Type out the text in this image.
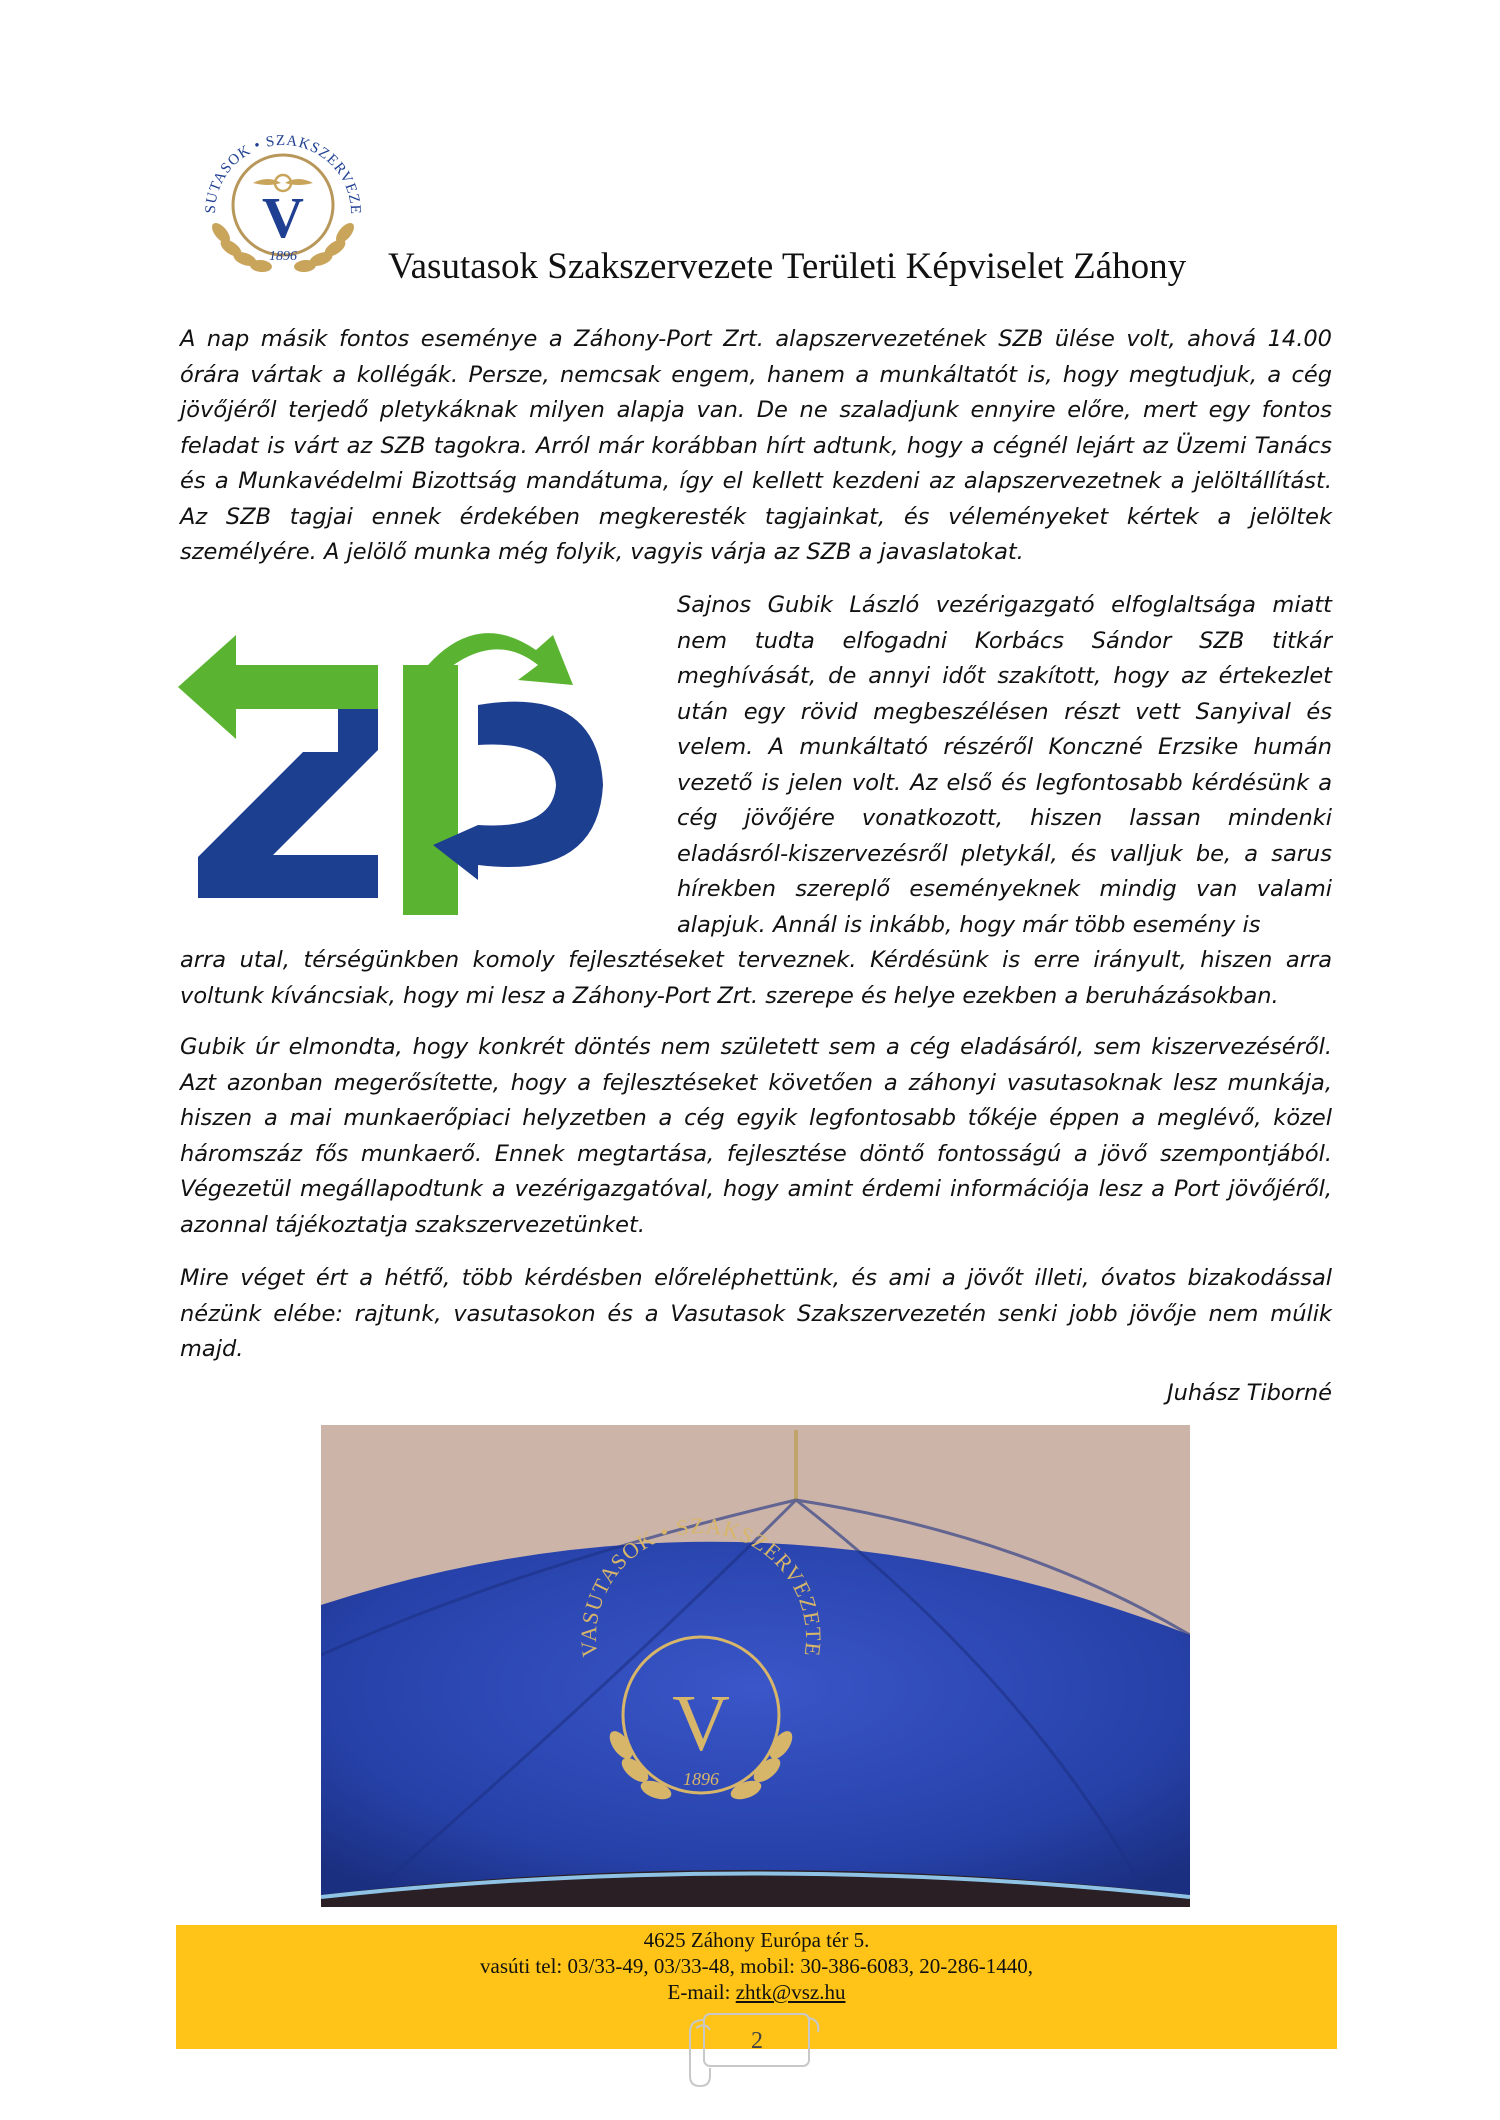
V
SUTASOK • SZAKSZERVEZE
1896 Vasutasok Szakszervezete Területi Képviselet Záhony

A nap másik fontos eseménye a Záhony-Port Zrt. alapszervezetének SZB ülése volt, ahová 14.00 órára vártak a kollégák. Persze, nemcsak engem, hanem a munkáltatót is, hogy megtudjuk, a cég jövőjéről terjedő pletykáknak milyen alapja van. De ne szaladjunk ennyire előre, mert egy fontos feladat is várt az SZB tagokra. Arról már korábban hírt adtunk, hogy a cégnél lejárt az Üzemi Tanács és a Munkavédelmi Bizottság mandátuma, így el kellett kezdeni az alapszervezetnek a jelöltállítást. Az SZB tagjai ennek érdekében megkeresték tagjainkat, és véleményeket kértek a jelöltek személyére. A jelölő munka még folyik, vagyis várja az SZB a javaslatokat.

Sajnos Gubik László vezérigazgató elfoglaltsága miatt nem tudta elfogadni Korbács Sándor SZB titkár meghívását, de annyi időt szakított, hogy az értekezlet után egy rövid megbeszélésen részt vett Sanyival és velem. A munkáltató részéről Konczné Erzsike humán vezető is jelen volt. Az első és legfontosabb kérdésünk a cég jövőjére vonatkozott, hiszen lassan mindenki eladásról-kiszervezésről pletykál, és valljuk be, a sarus hírekben szereplő eseményeknek mindig van valami alapjuk. Annál is inkább, hogy már több esemény is

arra utal, térségünkben komoly fejlesztéseket terveznek. Kérdésünk is erre irányult, hiszen arra voltunk kíváncsiak, hogy mi lesz a Záhony-Port Zrt. szerepe és helye ezekben a beruházásokban.

Gubik úr elmondta, hogy konkrét döntés nem született sem a cég eladásáról, sem kiszervezéséről. Azt azonban megerősítette, hogy a fejlesztéseket követően a záhonyi vasutasoknak lesz munkája, hiszen a mai munkaerőpiaci helyzetben a cég egyik legfontosabb tőkéje éppen a meglévő, közel háromszáz fős munkaerő. Ennek megtartása, fejlesztése döntő fontosságú a jövő szempontjából. Végezetül megállapodtunk a vezérigazgatóval, hogy amint érdemi információja lesz a Port jövőjéről, azonnal tájékoztatja szakszervezetünket.

Mire véget ért a hétfő, több kérdésben előreléphettünk, és ami a jövőt illeti, óvatos bizakodással nézünk elébe: rajtunk, vasutasokon és a Vasutasok Szakszervezetén senki jobb jövője nem múlik majd.

Juhász Tiborné
V
VASUTASOK • SZAKSZERVEZETE
1896
4625 Záhony Európa tér 5.
vasúti tel: 03/33-49, 03/33-48, mobil: 30-386-6083, 20-286-1440,
E-mail: zhtk@vsz.hu
2
